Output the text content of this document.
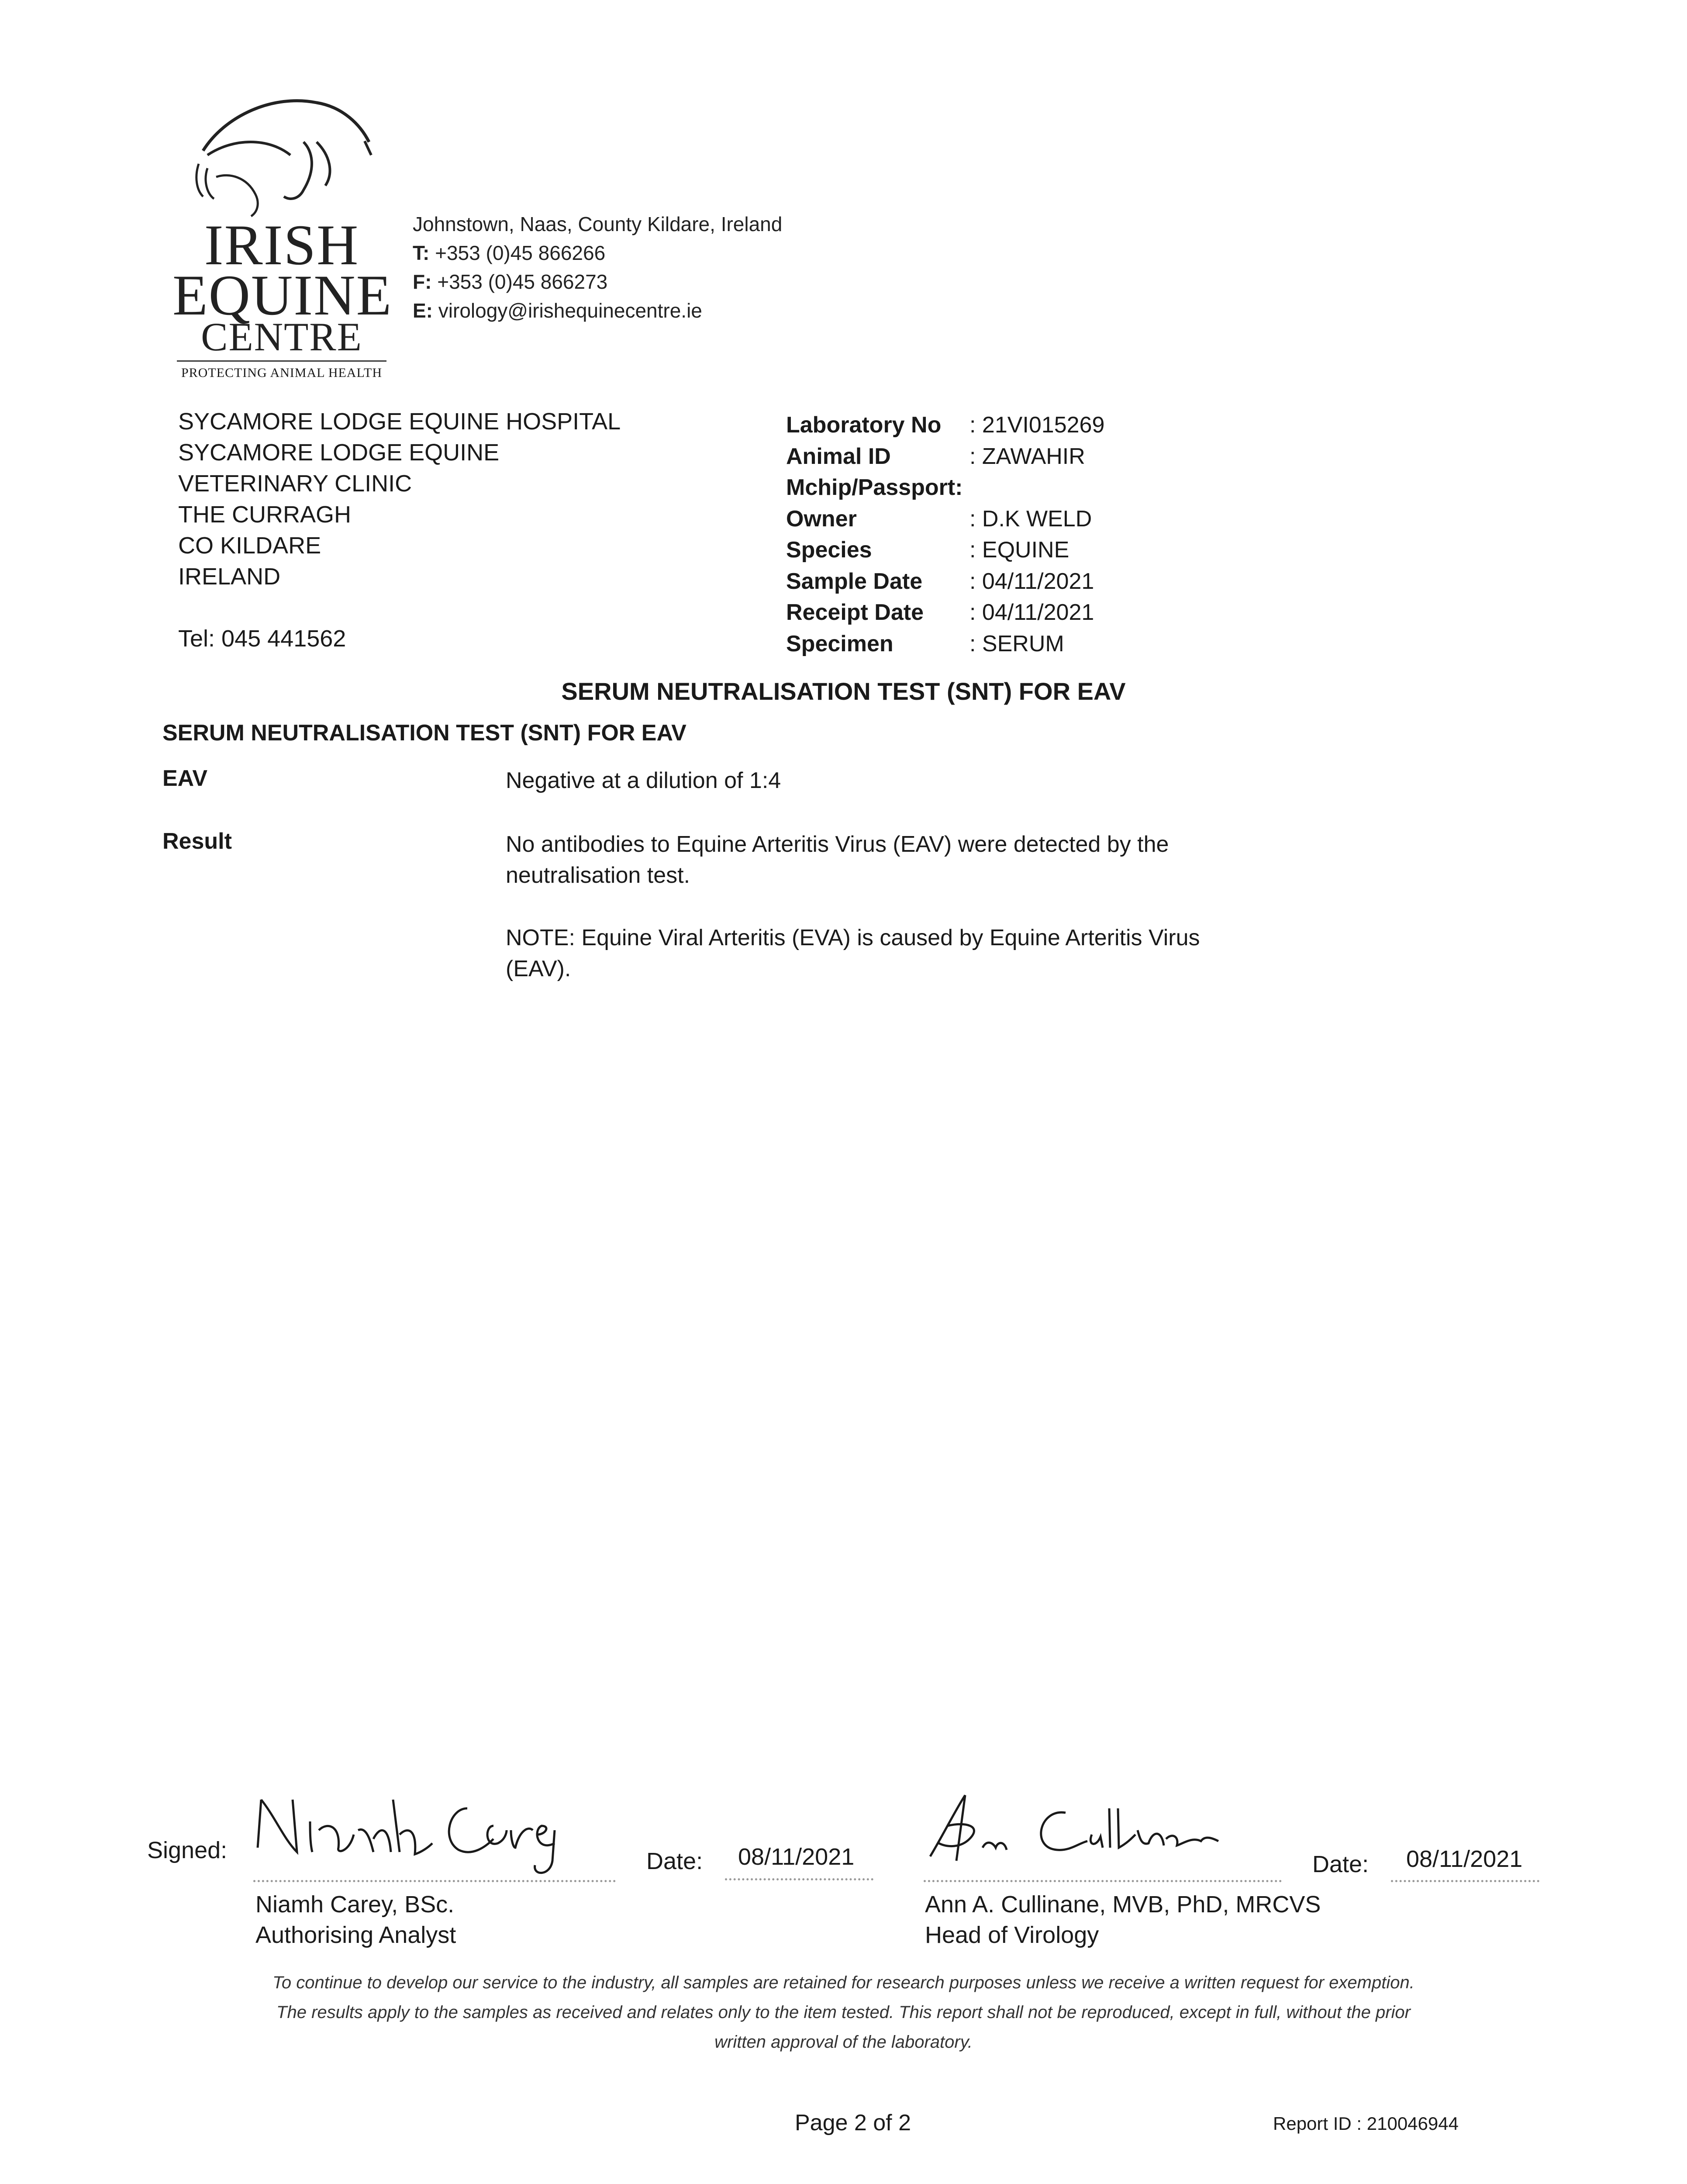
IRISH
EQUINE
CENTRE
PROTECTING ANIMAL HEALTH
Johnstown, Naas, County Kildare, Ireland
T: +353 (0)45 866266
F: +353 (0)45 866273
E: virology@irishequinecentre.ie
SYCAMORE LODGE EQUINE HOSPITAL
SYCAMORE LODGE EQUINE
VETERINARY CLINIC
THE CURRAGH
CO KILDARE
IRELAND
Tel: 045 441562
Laboratory No	: 21VI015269
Animal ID	: ZAWAHIR
Mchip/Passport:	
Owner	: D.K WELD
Species	: EQUINE
Sample Date	: 04/11/2021
Receipt Date	: 04/11/2021
Specimen	: SERUM
SERUM NEUTRALISATION TEST (SNT) FOR EAV
SERUM NEUTRALISATION TEST (SNT) FOR EAV
EAV	Negative at a dilution of 1:4
Result	No antibodies to Equine Arteritis Virus (EAV) were detected by the
neutralisation test.
NOTE: Equine Viral Arteritis (EVA) is caused by Equine Arteritis Virus
(EAV).
Signed:	Date: 08/11/2021
Niamh Carey, BSc.
Authorising Analyst
Date: 08/11/2021
Ann A. Cullinane, MVB, PhD, MRCVS
Head of Virology
To continue to develop our service to the industry, all samples are retained for research purposes unless we receive a written request for exemption.
The results apply to the samples as received and relates only to the item tested. This report shall not be reproduced, except in full, without the prior
written approval of the laboratory.
Page 2 of 2	Report ID : 210046944
